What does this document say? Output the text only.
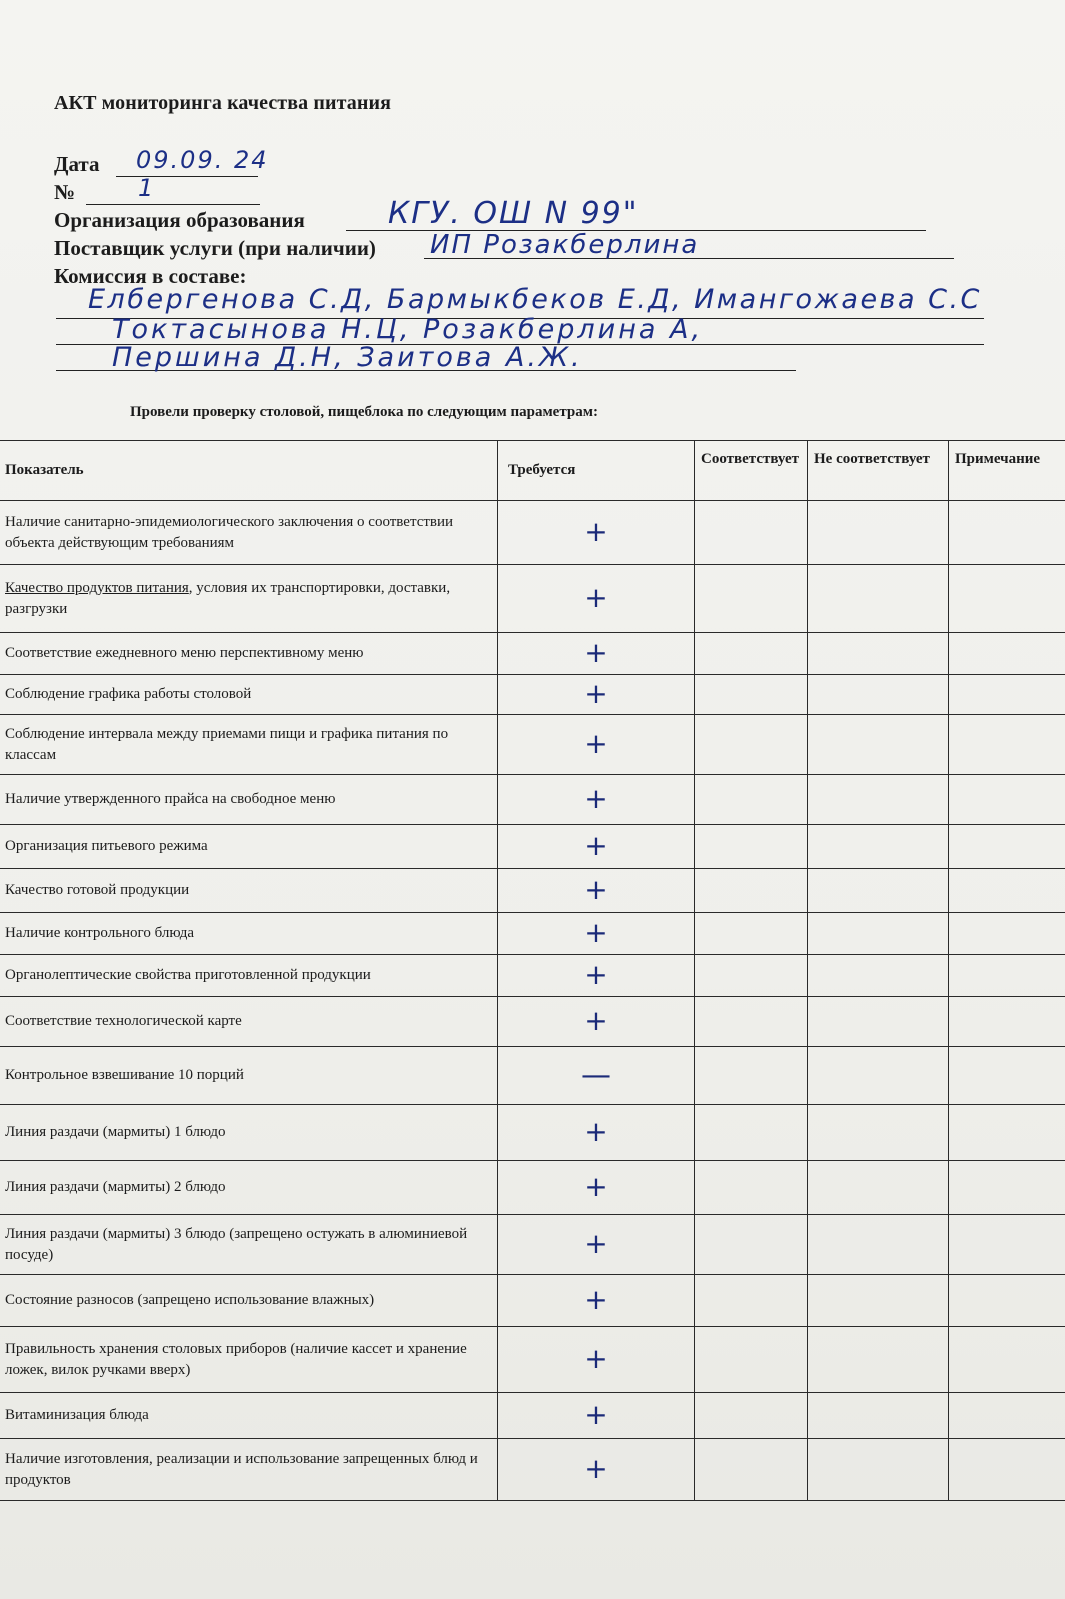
АКТ мониторинга качества питания
Дата 09.09. 24
№	1
Организация образования	КГУ. ОШ N 99"
Поставщик услуги (при наличии) ИП Розакберлина
Комиссия в составе:
Елбергенова С.Д, Бармыкбеков Е.Д, Имангожаева С.С
Токтасынова Н.Ц, Розакберлина А,
Першина Д.Н, Заитова А.Ж.
Провели проверку столовой, пищеблока по следующим параметрам:
Показатель	Требуется	Соответствует	Не соответствует	Примечание
Наличие санитарно-эпидемиологического заключения о соответствии объекта действующим требованиям	+			
Качество продуктов питания, условия их транспортировки, доставки, разгрузки	+			
Соответствие ежедневного меню перспективному меню	+			
Соблюдение графика работы столовой	+			
Соблюдение интервала между приемами пищи и графика питания по классам	+			
Наличие утвержденного прайса на свободное меню	+			
Организация питьевого режима	+			
Качество готовой продукции	+			
Наличие контрольного блюда	+			
Органолептические свойства приготовленной продукции	+			
Соответствие технологической карте	+			
Контрольное взвешивание 10 порций	—			
Линия раздачи (мармиты) 1 блюдо	+			
Линия раздачи (мармиты) 2 блюдо	+			
Линия раздачи (мармиты) 3 блюдо (запрещено остужать в алюминиевой посуде)	+			
Состояние разносов (запрещено использование влажных)	+			
Правильность хранения столовых приборов (наличие кассет и хранение ложек, вилок ручками вверх)	+			
Витаминизация блюда	+			
Наличие изготовления, реализации и использование запрещенных блюд и продуктов	+			
